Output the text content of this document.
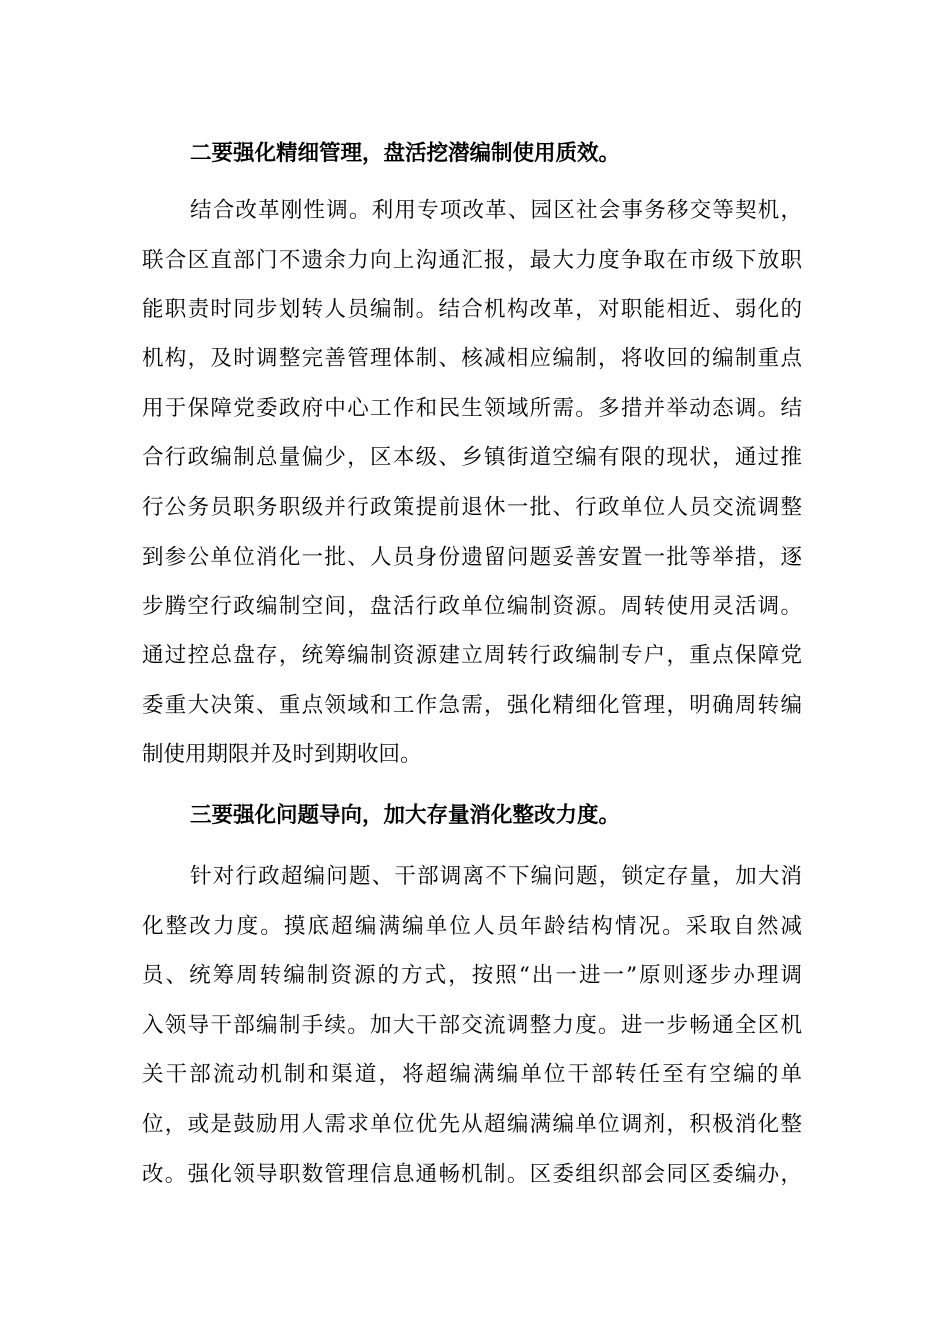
二要强化精细管理，盘活挖潜编制使用质效。
结合改革刚性调。利用专项改革、园区社会事务移交等契机，
联合区直部门不遗余力向上沟通汇报，最大力度争取在市级下放职
能职责时同步划转人员编制。结合机构改革，对职能相近、弱化的
机构，及时调整完善管理体制、核减相应编制，将收回的编制重点
用于保障党委政府中心工作和民生领域所需。多措并举动态调。结
合行政编制总量偏少，区本级、乡镇街道空编有限的现状，通过推
行公务员职务职级并行政策提前退休一批、行政单位人员交流调整
到参公单位消化一批、人员身份遗留问题妥善安置一批等举措，逐
步腾空行政编制空间，盘活行政单位编制资源。周转使用灵活调。
通过控总盘存，统筹编制资源建立周转行政编制专户，重点保障党
委重大决策、重点领域和工作急需，强化精细化管理，明确周转编
制使用期限并及时到期收回。
三要强化问题导向，加大存量消化整改力度。
针对行政超编问题、干部调离不下编问题，锁定存量，加大消
化整改力度。摸底超编满编单位人员年龄结构情况。采取自然减
员、统筹周转编制资源的方式，按照“出一进一”原则逐步办理调
入领导干部编制手续。加大干部交流调整力度。进一步畅通全区机
关干部流动机制和渠道，将超编满编单位干部转任至有空编的单
位，或是鼓励用人需求单位优先从超编满编单位调剂，积极消化整
改。强化领导职数管理信息通畅机制。区委组织部会同区委编办，
